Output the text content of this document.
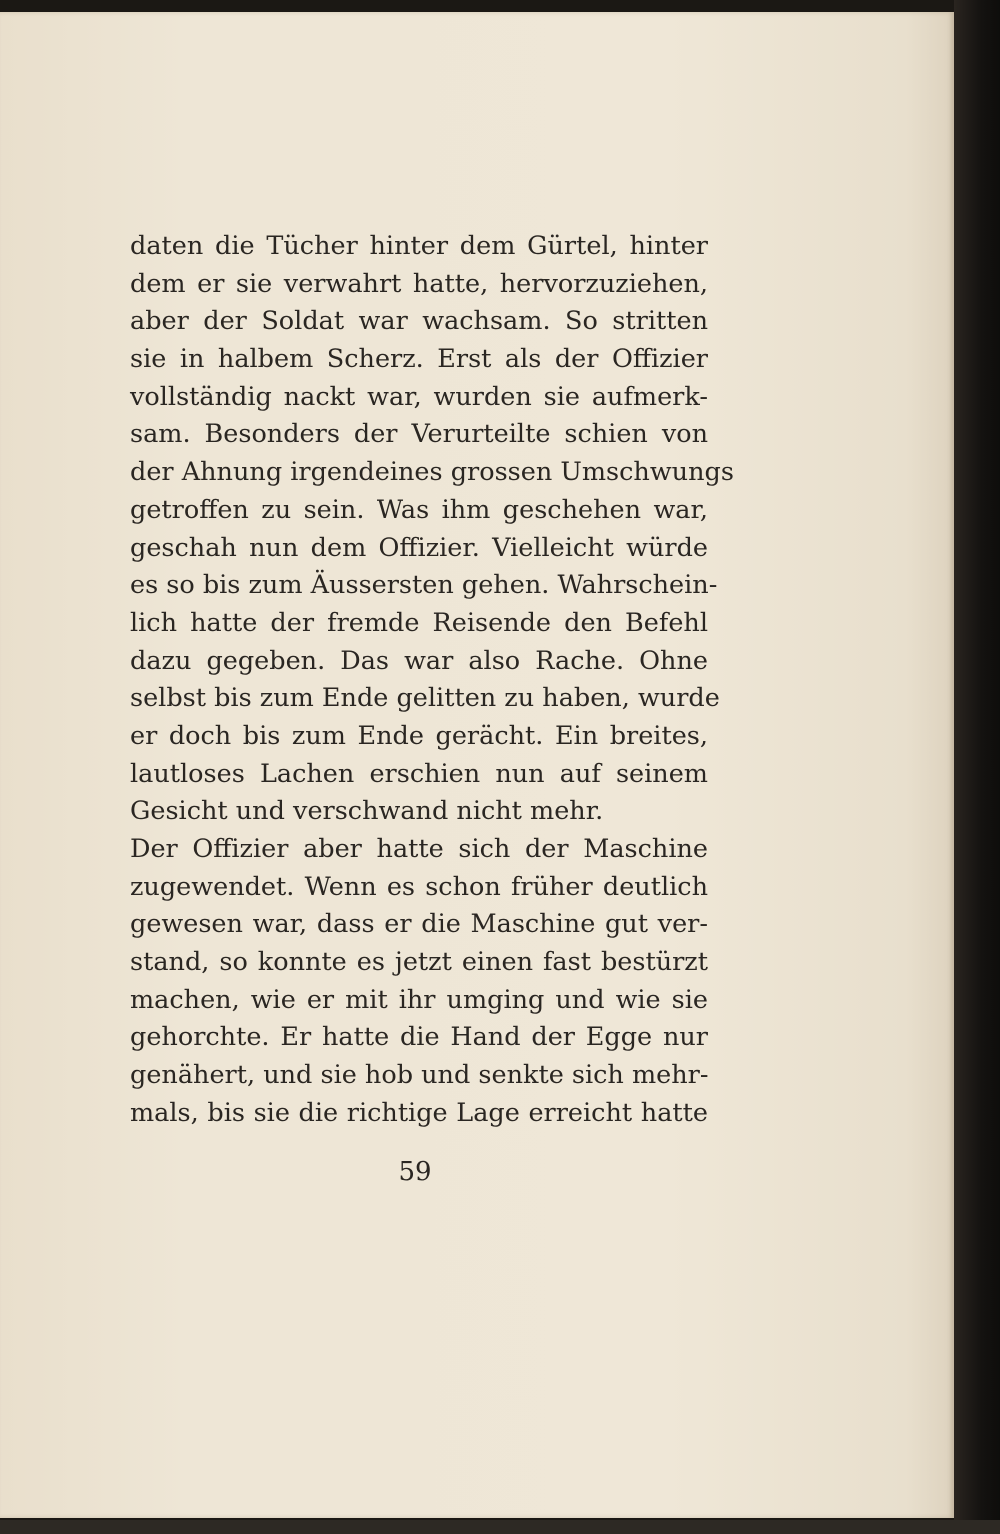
daten die Tücher hinter dem Gürtel, hinter
dem er sie verwahrt hatte, hervorzuziehen,
aber der Soldat war wachsam. So stritten
sie in halbem Scherz. Erst als der Offizier
vollständig nackt war, wurden sie aufmerk-
sam. Besonders der Verurteilte schien von
der Ahnung irgendeines grossen Umschwungs
getroffen zu sein. Was ihm geschehen war,
geschah nun dem Offizier. Vielleicht würde
es so bis zum Äussersten gehen. Wahrschein-
lich hatte der fremde Reisende den Befehl
dazu gegeben. Das war also Rache. Ohne
selbst bis zum Ende gelitten zu haben, wurde
er doch bis zum Ende gerächt. Ein breites,
lautloses Lachen erschien nun auf seinem
Gesicht und verschwand nicht mehr.
Der Offizier aber hatte sich der Maschine
zugewendet. Wenn es schon früher deutlich
gewesen war, dass er die Maschine gut ver-
stand, so konnte es jetzt einen fast bestürzt
machen, wie er mit ihr umging und wie sie
gehorchte. Er hatte die Hand der Egge nur
genähert, und sie hob und senkte sich mehr-
mals, bis sie die richtige Lage erreicht hatte
59
